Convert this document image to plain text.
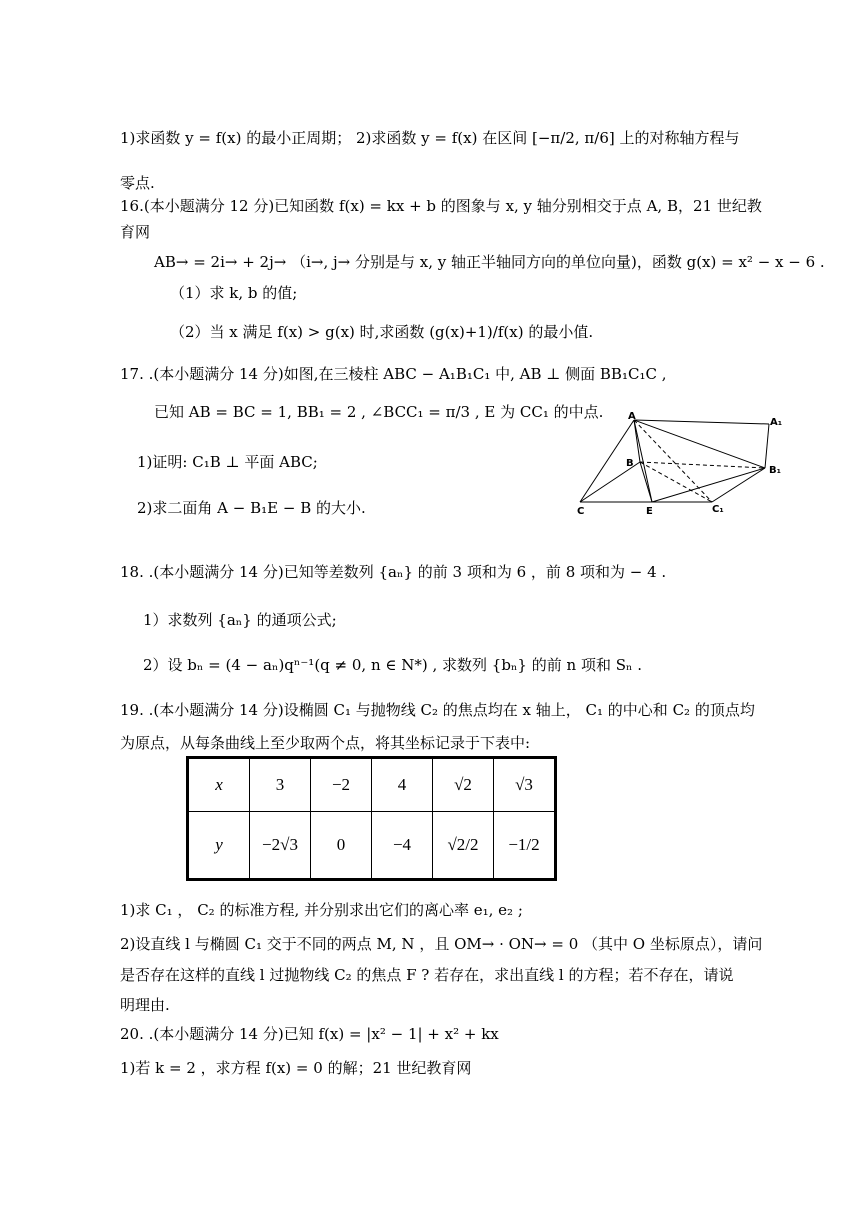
1)求函数 y = f(x) 的最小正周期； 2)求函数 y = f(x) 在区间 [−π/2, π/6] 上的对称轴方程与
零点.
16.(本小题满分 12 分)已知函数 f(x) = kx + b 的图象与 x, y 轴分别相交于点 A, B，21 世纪教
育网
AB→ = 2i→ + 2j→ （i→, j→ 分别是与 x, y 轴正半轴同方向的单位向量)，函数 g(x) = x² − x − 6 .
（1）求 k, b 的值;
（2）当 x 满足 f(x) > g(x) 时,求函数 (g(x)+1)/f(x) 的最小值.
17. .(本小题满分 14 分)如图,在三棱柱 ABC − A₁B₁C₁ 中, AB ⊥ 侧面 BB₁C₁C ,
已知 AB = BC = 1, BB₁ = 2 , ∠BCC₁ = π/3 , E 为 CC₁ 的中点.
1)证明: C₁B ⊥ 平面 ABC;
2)求二面角 A − B₁E − B 的大小.
A
A₁
B
B₁
C	E	C₁
18. .(本小题满分 14 分)已知等差数列 {aₙ} 的前 3 项和为 6 ，前 8 项和为 − 4 .
1）求数列 {aₙ} 的通项公式;
2）设 bₙ = (4 − aₙ)qⁿ⁻¹(q ≠ 0, n ∈ N*) , 求数列 {bₙ} 的前 n 项和 Sₙ .
19. .(本小题满分 14 分)设椭圆 C₁ 与抛物线 C₂ 的焦点均在 x 轴上， C₁ 的中心和 C₂ 的顶点均
为原点，从每条曲线上至少取两个点，将其坐标记录于下表中:
x	3	−2	4	√2	√3
y	−2√3	0	−4	√2/2	−1/2
1)求 C₁ ， C₂ 的标准方程, 并分别求出它们的离心率 e₁, e₂ ;
2)设直线 l 与椭圆 C₁ 交于不同的两点 M, N ，且 OM→ · ON→ = 0 （其中 O 坐标原点），请问
是否存在这样的直线 l 过抛物线 C₂ 的焦点 F ? 若存在，求出直线 l 的方程；若不存在，请说
明理由.
20. .(本小题满分 14 分)已知 f(x) = |x² − 1| + x² + kx
1)若 k = 2 ，求方程 f(x) = 0 的解；21 世纪教育网
